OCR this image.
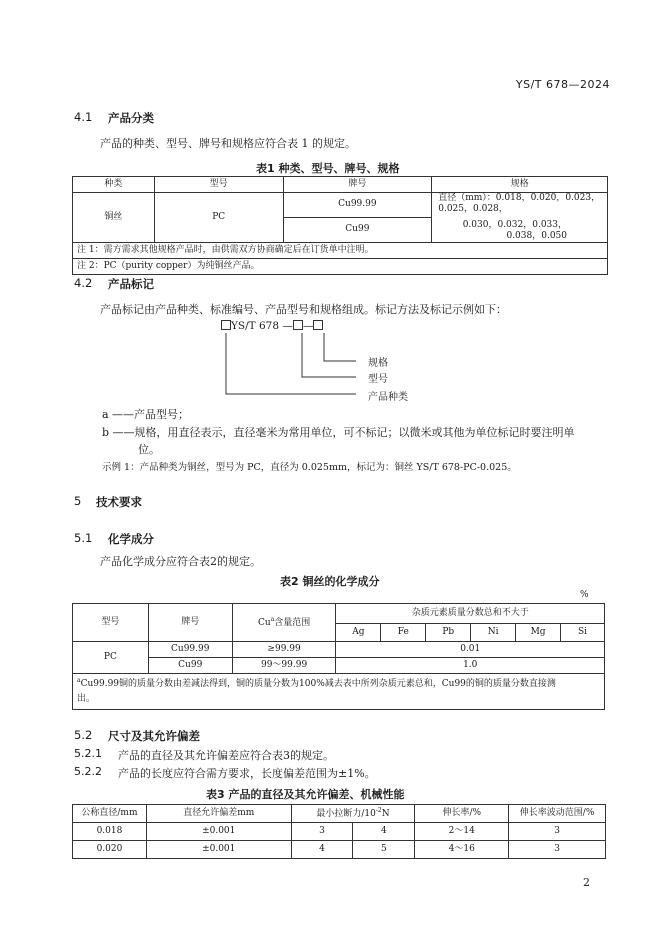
YS/T 678—2024
4.1 产品分类
产品的种类、型号、牌号和规格应符合表 1 的规定。
表1 种类、型号、牌号、规格
种类	型号	牌号	规格
铜丝	PC	Cu99.99	直径（mm）：0.018，0.020，0.023，0.025，0.028，
0.030，0.032，0.033，0.038，0.050

		Cu99	
注 1：需方需求其他规格产品时，由供需双方协商确定后在订货单中注明。			
注 2：PC（purity copper）为纯铜丝产品。			
4.2 产品标记
产品标记由产品种类、标准编号、产品型号和规格组成。标记方法及标记示例如下：
YS/T 678 — —
规格
型号
产品种类
a ——产品型号；
b ——规格，用直径表示，直径毫米为常用单位，可不标记；以微米或其他为单位标记时要注明单
位。
示例 1：产品种类为铜丝，型号为 PC，直径为 0.025mm，标记为：铜丝 YS/T 678-PC-0.025。
5 技术要求
5.1 化学成分
产品化学成分应符合表2的规定。
表2 铜丝的化学成分
%
型号	牌号	Cu$^a$含量范围	杂质元素质量分数总和不大于					
			Ag	Fe	Pb	Ni	Mg	Si
PC	Cu99.99	≥99.99	0.01					
	Cu99	99～99.99	1.0					

$^a$Cu99.99铜的质量分数由差减法得到，铜的质量分数为100%减去表中所列杂质元素总和，Cu99的铜的质量分数直接测
出。								
5.2 尺寸及其允许偏差
5.2.1 产品的直径及其允许偏差应符合表3的规定。
5.2.2 产品的长度应符合需方要求，长度偏差范围为±1%。
表3 产品的直径及其允许偏差、机械性能
公称直径/mm	直径允许偏差mm	最小拉断力$/10^{-2}N$		伸长率/%	伸长率波动范围/%
0.018	±0.001	3	4	2～14	3
0.020	±0.001	4	5	4～16	3
2
